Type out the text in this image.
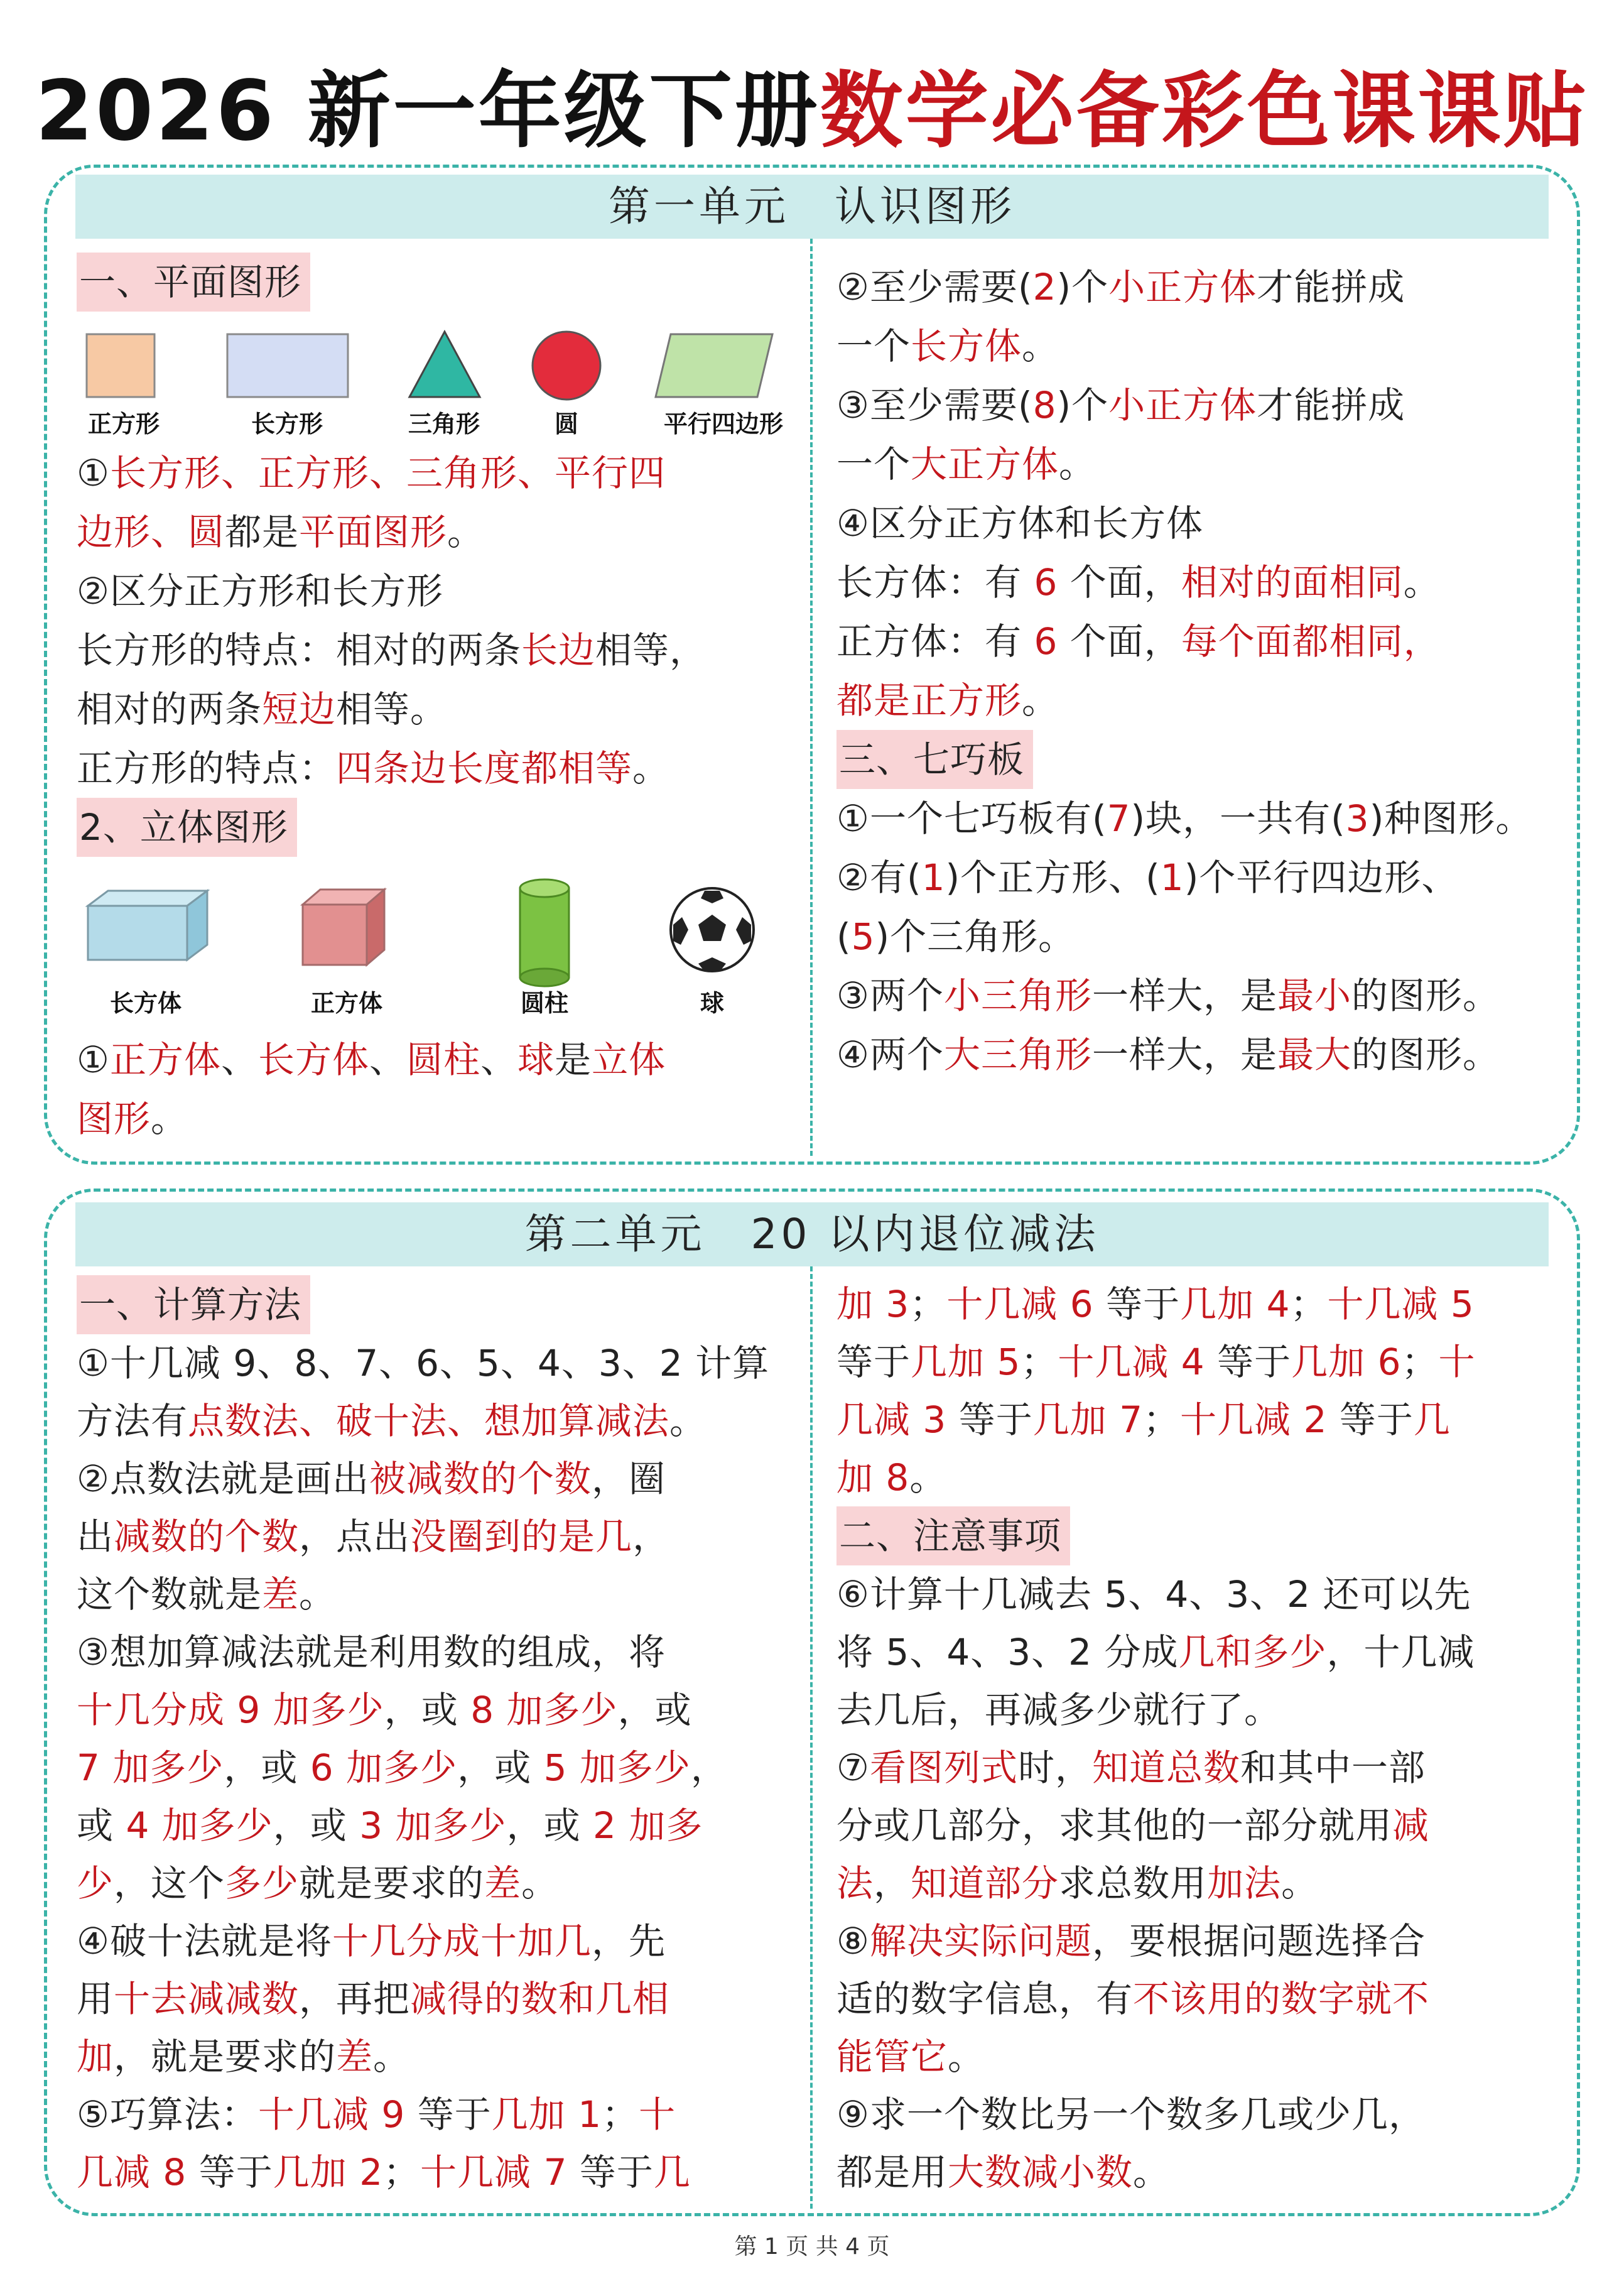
2026 新一年级下册数学必备彩色课课贴
第一单元　认识图形
一、平面图形
正方形	长方形	三角形	圆	平行四边形
①长方形、正方形、三角形、平行四
边形、圆都是平面图形。
②区分正方形和长方形
长方形的特点：相对的两条长边相等，
相对的两条短边相等。
正方形的特点：四条边长度都相等。
2、立体图形
长方体	正方体	圆柱	球
①正方体、长方体、圆柱、球是立体
图形。
②至少需要(2)个小正方体才能拼成
一个长方体。
③至少需要(8)个小正方体才能拼成
一个大正方体。
④区分正方体和长方体
长方体：有 6 个面，相对的面相同。
正方体：有 6 个面，每个面都相同，
都是正方形。
三、七巧板
①一个七巧板有(7)块，一共有(3)种图形。
②有(1)个正方形、(1)个平行四边形、
(5)个三角形。
③两个小三角形一样大，是最小的图形。
④两个大三角形一样大，是最大的图形。
第二单元　20 以内退位减法
一、计算方法
①十几减 9、8、7、6、5、4、3、2 计算
方法有点数法、破十法、想加算减法。
②点数法就是画出被减数的个数，圈
出减数的个数，点出没圈到的是几，
这个数就是差。
③想加算减法就是利用数的组成，将
十几分成 9 加多少，或 8 加多少，或
7 加多少，或 6 加多少，或 5 加多少，
或 4 加多少，或 3 加多少，或 2 加多
少，这个多少就是要求的差。
④破十法就是将十几分成十加几，先
用十去减减数，再把减得的数和几相
加，就是要求的差。
⑤巧算法：十几减 9 等于几加 1；十
几减 8 等于几加 2；十几减 7 等于几
加 3；十几减 6 等于几加 4；十几减 5
等于几加 5；十几减 4 等于几加 6；十
几减 3 等于几加 7；十几减 2 等于几
加 8。
二、注意事项
⑥计算十几减去 5、4、3、2 还可以先
将 5、4、3、2 分成几和多少，十几减
去几后，再减多少就行了。
⑦看图列式时，知道总数和其中一部
分或几部分，求其他的一部分就用减
法，知道部分求总数用加法。
⑧解决实际问题，要根据问题选择合
适的数字信息，有不该用的数字就不
能管它。
⑨求一个数比另一个数多几或少几，
都是用大数减小数。
第 1 页 共 4 页
